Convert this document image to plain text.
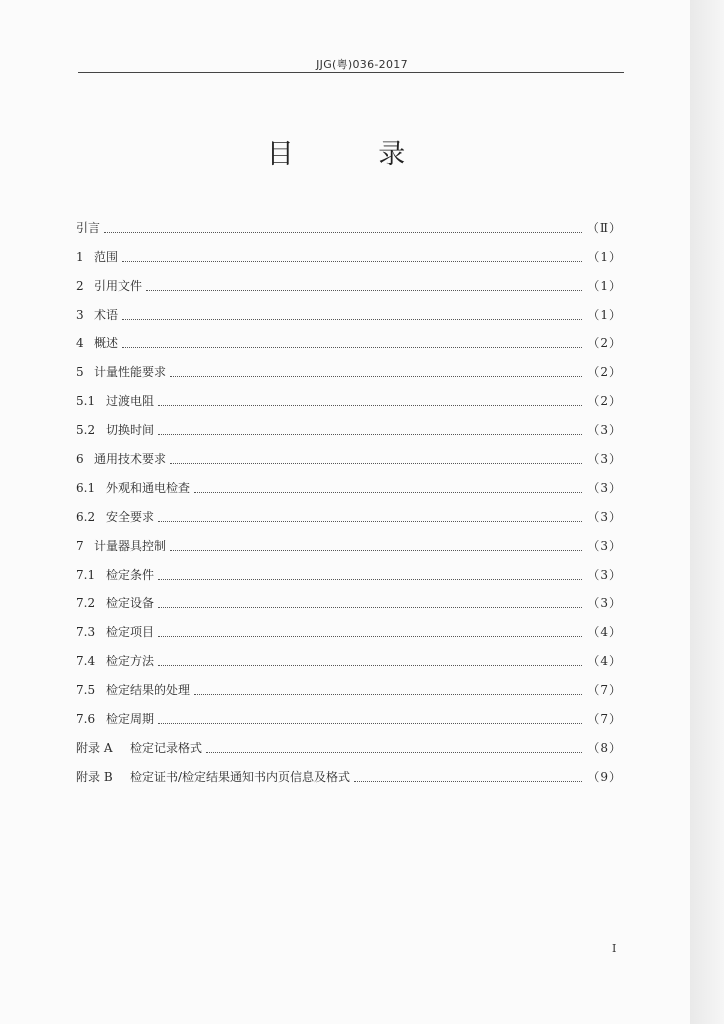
JJG(粤)036-2017
目 录
引言	（Ⅱ）
1 范围	（1）
2 引用文件	（1）
3 术语	（1）
4 概述	（2）
5 计量性能要求	（2）
5.1 过渡电阻	（2）
5.2 切换时间	（3）
6 通用技术要求	（3）
6.1 外观和通电检查	（3）
6.2 安全要求	（3）
7 计量器具控制	（3）
7.1 检定条件	（3）
7.2 检定设备	（3）
7.3 检定项目	（4）
7.4 检定方法	（4）
7.5 检定结果的处理	（7）
7.6 检定周期	（7）
附录 A	检定记录格式	（8）
附录 B	检定证书/检定结果通知书内页信息及格式	（9）
Ⅰ
